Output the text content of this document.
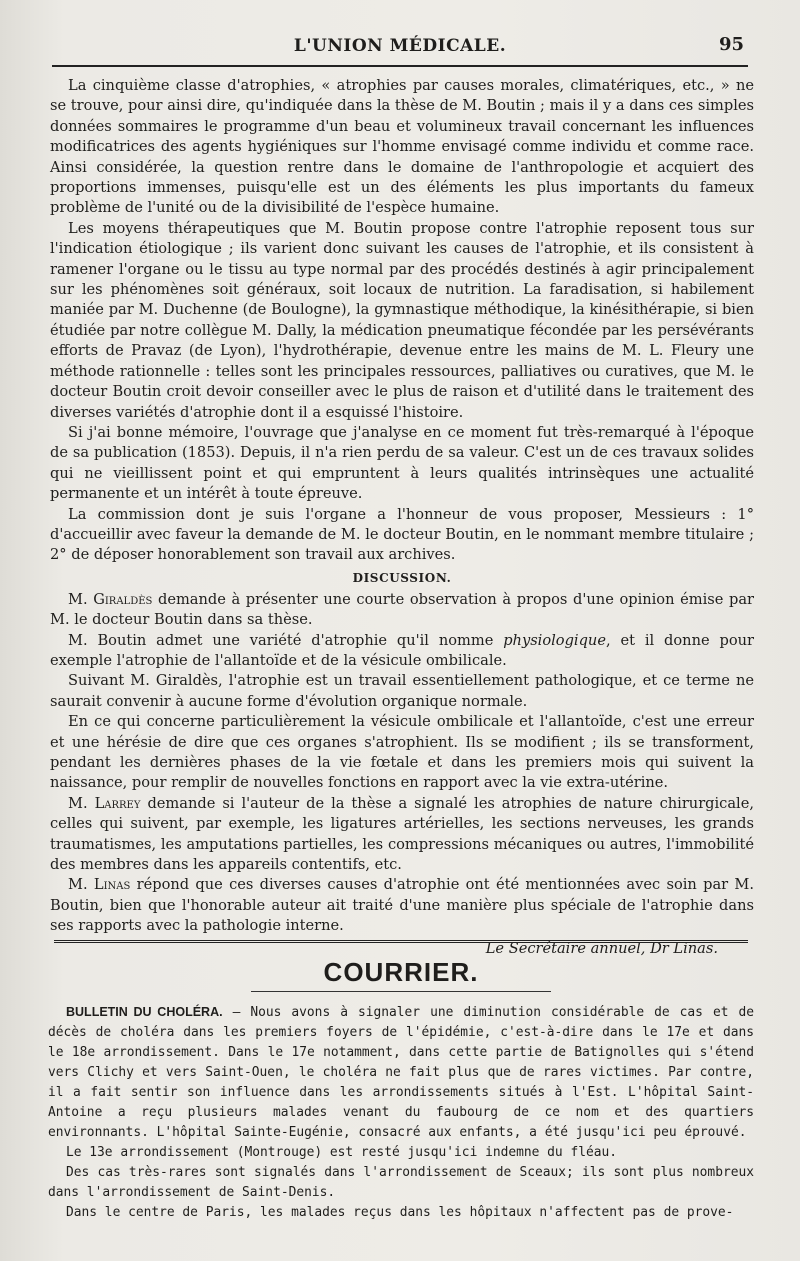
L'UNION MÉDICALE.	95

La cinquième classe d'atrophies, « atrophies par causes morales, climatériques, etc., » ne se trouve, pour ainsi dire, qu'indiquée dans la thèse de M. Boutin ; mais il y a dans ces simples données sommaires le programme d'un beau et volumineux travail concernant les influences modificatrices des agents hygiéniques sur l'homme envisagé comme individu et comme race. Ainsi considérée, la question rentre dans le domaine de l'anthropologie et acquiert des proportions immenses, puisqu'elle est un des éléments les plus importants du fameux problème de l'unité ou de la divisibilité de l'espèce humaine.

Les moyens thérapeutiques que M. Boutin propose contre l'atrophie reposent tous sur l'indication étiologique ; ils varient donc suivant les causes de l'atrophie, et ils consistent à ramener l'organe ou le tissu au type normal par des procédés destinés à agir principalement sur les phénomènes soit généraux, soit locaux de nutrition. La faradisation, si habilement maniée par M. Duchenne (de Boulogne), la gymnastique méthodique, la kinésithérapie, si bien étudiée par notre collègue M. Dally, la médication pneumatique fécondée par les persévérants efforts de Pravaz (de Lyon), l'hydrothérapie, devenue entre les mains de M. L. Fleury une méthode rationnelle : telles sont les principales ressources, palliatives ou curatives, que M. le docteur Boutin croit devoir conseiller avec le plus de raison et d'utilité dans le traitement des diverses variétés d'atrophie dont il a esquissé l'histoire.

Si j'ai bonne mémoire, l'ouvrage que j'analyse en ce moment fut très-remarqué à l'époque de sa publication (1853). Depuis, il n'a rien perdu de sa valeur. C'est un de ces travaux solides qui ne vieillissent point et qui empruntent à leurs qualités intrinsèques une actualité permanente et un intérêt à toute épreuve.

La commission dont je suis l'organe a l'honneur de vous proposer, Messieurs : 1° d'accueillir avec faveur la demande de M. le docteur Boutin, en le nommant membre titulaire ; 2° de déposer honorablement son travail aux archives.

DISCUSSION.

M. Giraldès demande à présenter une courte observation à propos d'une opinion émise par M. le docteur Boutin dans sa thèse.

M. Boutin admet une variété d'atrophie qu'il nomme physiologique, et il donne pour exemple l'atrophie de l'allantoïde et de la vésicule ombilicale.

Suivant M. Giraldès, l'atrophie est un travail essentiellement pathologique, et ce terme ne saurait convenir à aucune forme d'évolution organique normale.

En ce qui concerne particulièrement la vésicule ombilicale et l'allantoïde, c'est une erreur et une hérésie de dire que ces organes s'atrophient. Ils se modifient ; ils se transforment, pendant les dernières phases de la vie fœtale et dans les premiers mois qui suivent la naissance, pour remplir de nouvelles fonctions en rapport avec la vie extra-utérine.

M. Larrey demande si l'auteur de la thèse a signalé les atrophies de nature chirurgicale, celles qui suivent, par exemple, les ligatures artérielles, les sections nerveuses, les grands traumatismes, les amputations partielles, les compressions mécaniques ou autres, l'immobilité des membres dans les appareils contentifs, etc.

M. Linas répond que ces diverses causes d'atrophie ont été mentionnées avec soin par M. Boutin, bien que l'honorable auteur ait traité d'une manière plus spéciale de l'atrophie dans ses rapports avec la pathologie interne.

Le Secrétaire annuel, Dr Linas.
COURRIER.

BULLETIN DU CHOLÉRA. — Nous avons à signaler une diminution considérable de cas et de décès de choléra dans les premiers foyers de l'épidémie, c'est-à-dire dans le 17e et dans le 18e arrondissement. Dans le 17e notamment, dans cette partie de Batignolles qui s'étend vers Clichy et vers Saint-Ouen, le choléra ne fait plus que de rares victimes. Par contre, il a fait sentir son influence dans les arrondissements situés à l'Est. L'hôpital Saint-Antoine a reçu plusieurs malades venant du faubourg de ce nom et des quartiers environnants. L'hôpital Sainte-Eugénie, consacré aux enfants, a été jusqu'ici peu éprouvé.

Le 13e arrondissement (Montrouge) est resté jusqu'ici indemne du fléau.

Des cas très-rares sont signalés dans l'arrondissement de Sceaux; ils sont plus nombreux dans l'arrondissement de Saint-Denis.

Dans le centre de Paris, les malades reçus dans les hôpitaux n'affectent pas de prove-
